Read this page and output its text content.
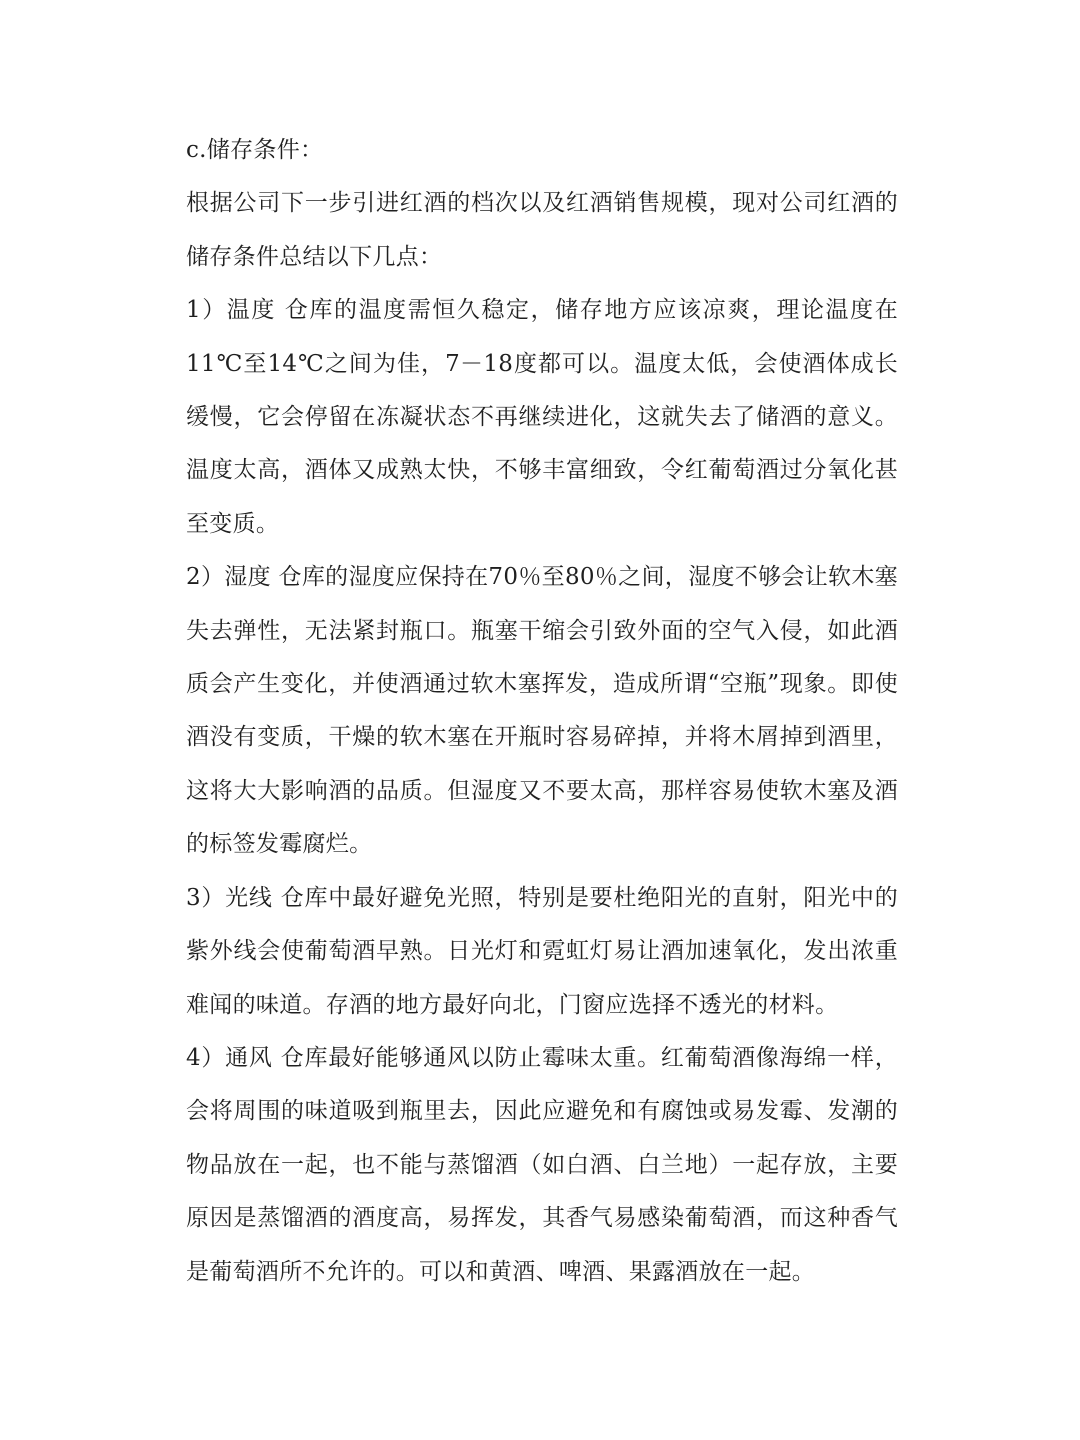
c.储存条件：

根据公司下一步引进红酒的档次以及红酒销售规模，现对公司红酒的储存条件总结以下几点：

1）温度 仓库的温度需恒久稳定，储存地方应该凉爽，理论温度在11℃至14℃之间为佳，7－18度都可以。温度太低，会使酒体成长缓慢，它会停留在冻凝状态不再继续进化，这就失去了储酒的意义。温度太高，酒体又成熟太快，不够丰富细致，令红葡萄酒过分氧化甚至变质。

2）湿度 仓库的湿度应保持在70％至80％之间，湿度不够会让软木塞失去弹性，无法紧封瓶口。瓶塞干缩会引致外面的空气入侵，如此酒质会产生变化，并使酒通过软木塞挥发，造成所谓“空瓶”现象。即使酒没有变质，干燥的软木塞在开瓶时容易碎掉，并将木屑掉到酒里，这将大大影响酒的品质。但湿度又不要太高，那样容易使软木塞及酒的标签发霉腐烂。

3）光线 仓库中最好避免光照，特别是要杜绝阳光的直射，阳光中的紫外线会使葡萄酒早熟。日光灯和霓虹灯易让酒加速氧化，发出浓重难闻的味道。存酒的地方最好向北，门窗应选择不透光的材料。

4）通风 仓库最好能够通风以防止霉味太重。红葡萄酒像海绵一样，会将周围的味道吸到瓶里去，因此应避免和有腐蚀或易发霉、发潮的物品放在一起，也不能与蒸馏酒（如白酒、白兰地）一起存放，主要原因是蒸馏酒的酒度高，易挥发，其香气易感染葡萄酒，而这种香气是葡萄酒所不允许的。可以和黄酒、啤酒、果露酒放在一起。
